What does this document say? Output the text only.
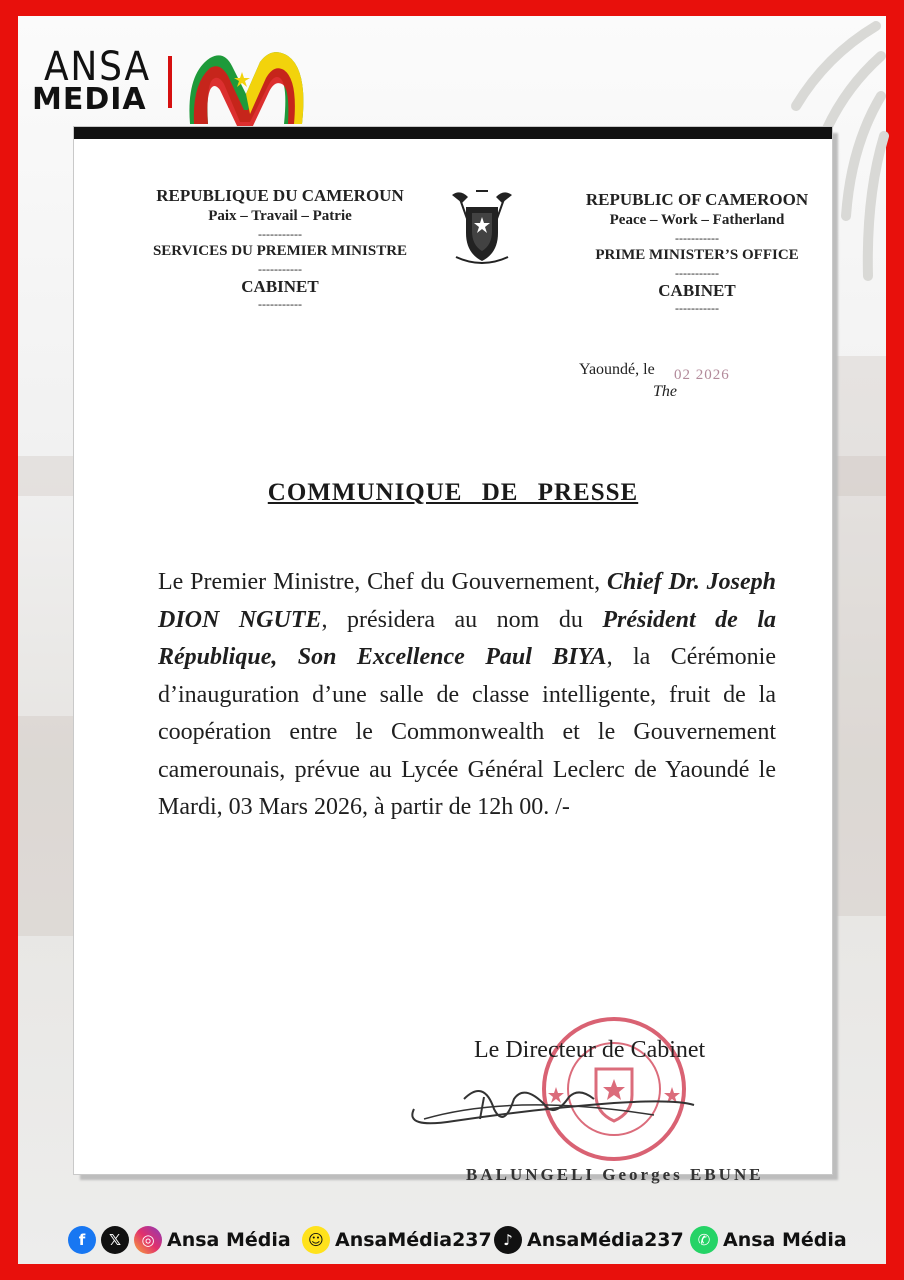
ANSA
MEDIA
REPUBLIQUE DU CAMEROUN
Paix – Travail – Patrie
-----------
SERVICES DU PREMIER MINISTRE
-----------
CABINET
-----------
REPUBLIC OF CAMEROON
Peace – Work – Fatherland
-----------
PRIME MINISTER’S OFFICE
-----------
CABINET
-----------
Yaoundé, le 02 2026
The
COMMUNIQUE DE PRESSE
Le Premier Ministre, Chef du Gouvernement, Chief Dr. Joseph DION NGUTE, présidera au nom du Président de la République, Son Excellence Paul BIYA, la Cérémonie d’inauguration d’une salle de classe intelligente, fruit de la coopération entre le Commonwealth et le Gouvernement camerounais, prévue au Lycée Général Leclerc de Yaoundé le Mardi, 03 Mars 2026, à partir de 12h 00. /-
Le Directeur de Cabinet
BALUNGELI Georges EBUNE
f	𝕏	◎ Ansa Média	☺ AnsaMédia237 ♪ AnsaMédia237 ✆ Ansa Média
